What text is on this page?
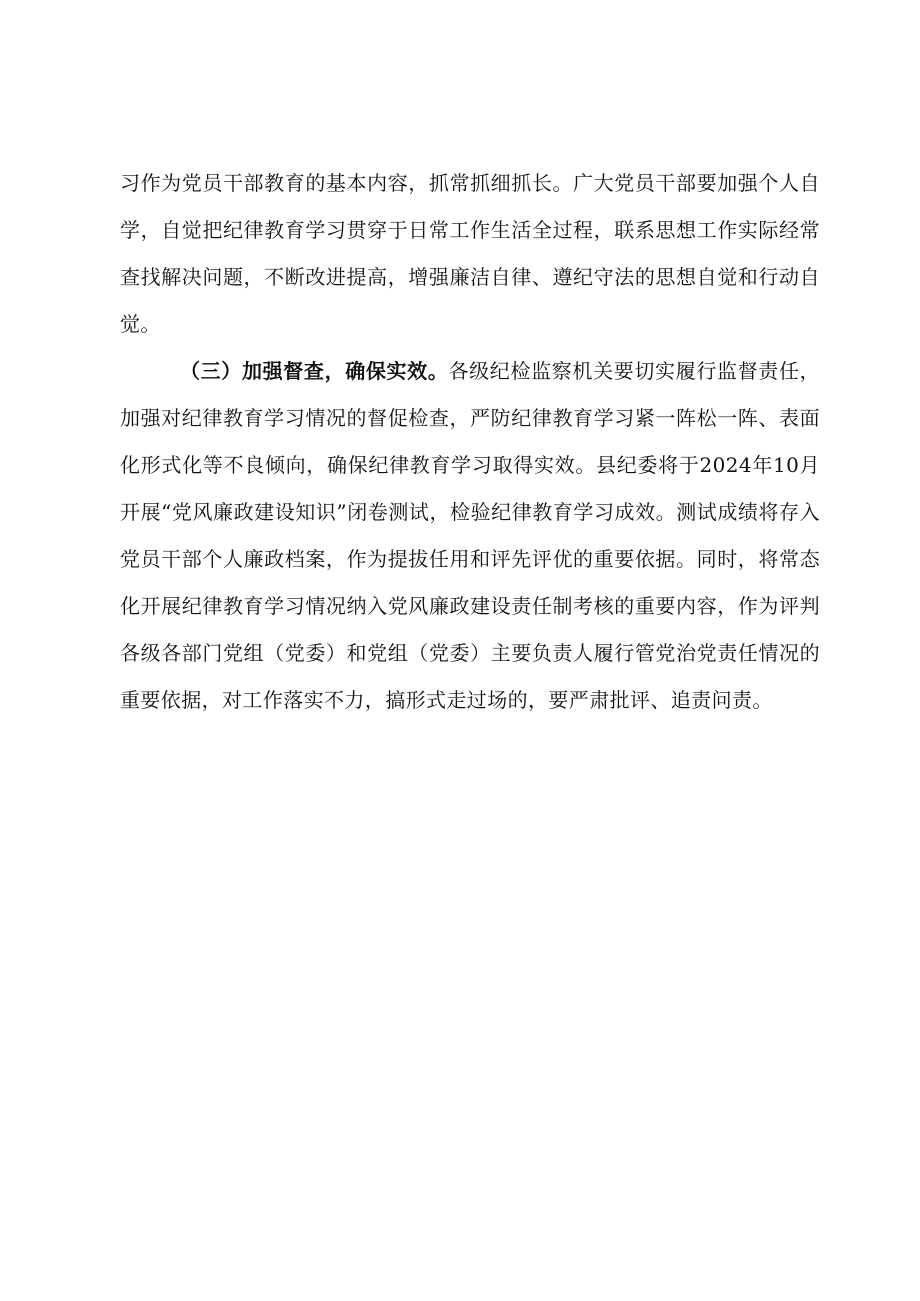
习作为党员干部教育的基本内容，抓常抓细抓长。广大党员干部要加强个人自学，自觉把纪律教育学习贯穿于日常工作生活全过程，联系思想工作实际经常查找解决问题，不断改进提高，增强廉洁自律、遵纪守法的思想自觉和行动自觉。

（三）加强督查，确保实效。各级纪检监察机关要切实履行监督责任，加强对纪律教育学习情况的督促检查，严防纪律教育学习紧一阵松一阵、表面化形式化等不良倾向，确保纪律教育学习取得实效。县纪委将于2024年10月开展“党风廉政建设知识”闭卷测试，检验纪律教育学习成效。测试成绩将存入党员干部个人廉政档案，作为提拔任用和评先评优的重要依据。同时，将常态化开展纪律教育学习情况纳入党风廉政建设责任制考核的重要内容，作为评判各级各部门党组（党委）和党组（党委）主要负责人履行管党治党责任情况的重要依据，对工作落实不力，搞形式走过场的，要严肃批评、追责问责。
